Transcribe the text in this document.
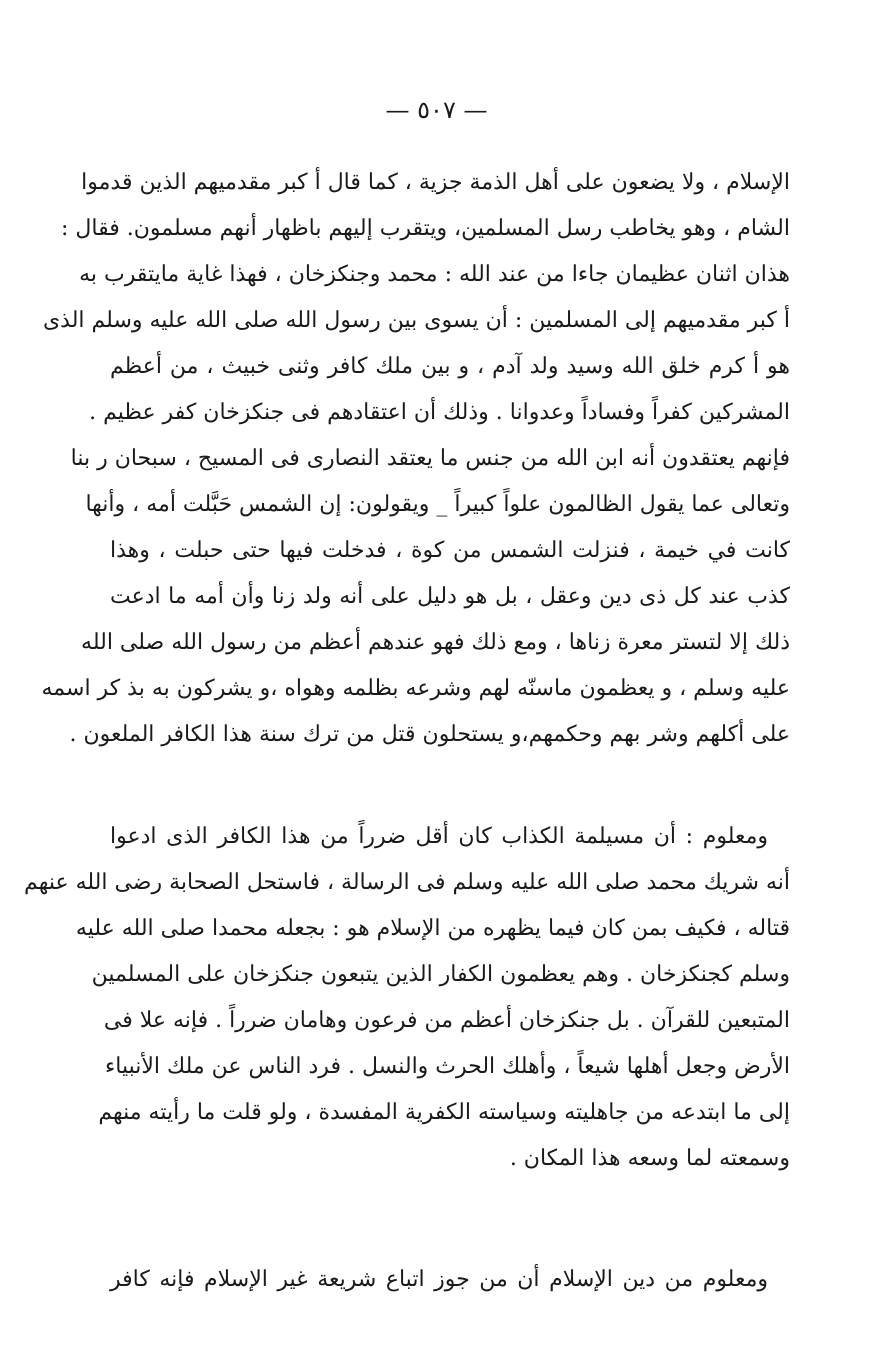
— ٥٠٧ —
الإسلام ، ولا يضعون على أهل الذمة جزية ، كما قال أ كبر مقدميهم الذين قدموا
الشام ، وهو يخاطب رسل المسلمين، ويتقرب إليهم باظهار أنهم مسلمون. فقال :
هذان اثنان عظيمان جاءا من عند الله : محمد وجنكزخان ، فهذا غاية مايتقرب به
أ كبر مقدميهم إلى المسلمين : أن يسوى بين رسول الله صلى الله عليه وسلم الذى
هو أ كرم خلق الله وسيد ولد آدم ، و بين ملك كافر وثنى خبيث ، من أعظم
المشركين كفراً وفساداً وعدوانا . وذلك أن اعتقادهم فى جنكزخان كفر عظيم .
فإنهم يعتقدون أنه ابن الله من جنس ما يعتقد النصارى فى المسيح ، سبحان ر بنا
وتعالى عما يقول الظالمون علواً كبيراً _ ويقولون: إن الشمس حَبَّلت أمه ، وأنها
كانت في خيمة ، فنزلت الشمس من كوة ، فدخلت فيها حتى حبلت ، وهذا
كذب عند كل ذى دين وعقل ، بل هو دليل على أنه ولد زنا وأن أمه ما ادعت
ذلك إلا لتستر معرة زناها ، ومع ذلك فهو عندهم أعظم من رسول الله صلى الله
عليه وسلم ، و يعظمون ماسنّه لهم وشرعه بظلمه وهواه ،و يشركون به بذ كر اسمه
على أكلهم وشر بهم وحكمهم،و يستحلون قتل من ترك سنة هذا الكافر الملعون .
ومعلوم : أن مسيلمة الكذاب كان أقل ضرراً من هذا الكافر الذى ادعوا
أنه شريك محمد صلى الله عليه وسلم فى الرسالة ، فاستحل الصحابة رضى الله عنهم
قتاله ، فكيف بمن كان فيما يظهره من الإسلام هو : بجعله محمدا صلى الله عليه
وسلم كجنكزخان . وهم يعظمون الكفار الذين يتبعون جنكزخان على المسلمين
المتبعين للقرآن . بل جنكزخان أعظم من فرعون وهامان ضرراً . فإنه علا فى
الأرض وجعل أهلها شيعاً ، وأهلك الحرث والنسل . فرد الناس عن ملك الأنبياء
إلى ما ابتدعه من جاهليته وسياسته الكفرية المفسدة ، ولو قلت ما رأيته منهم
وسمعته لما وسعه هذا المكان .
ومعلوم من دين الإسلام أن من جوز اتباع شريعة غير الإسلام فإنه كافر
